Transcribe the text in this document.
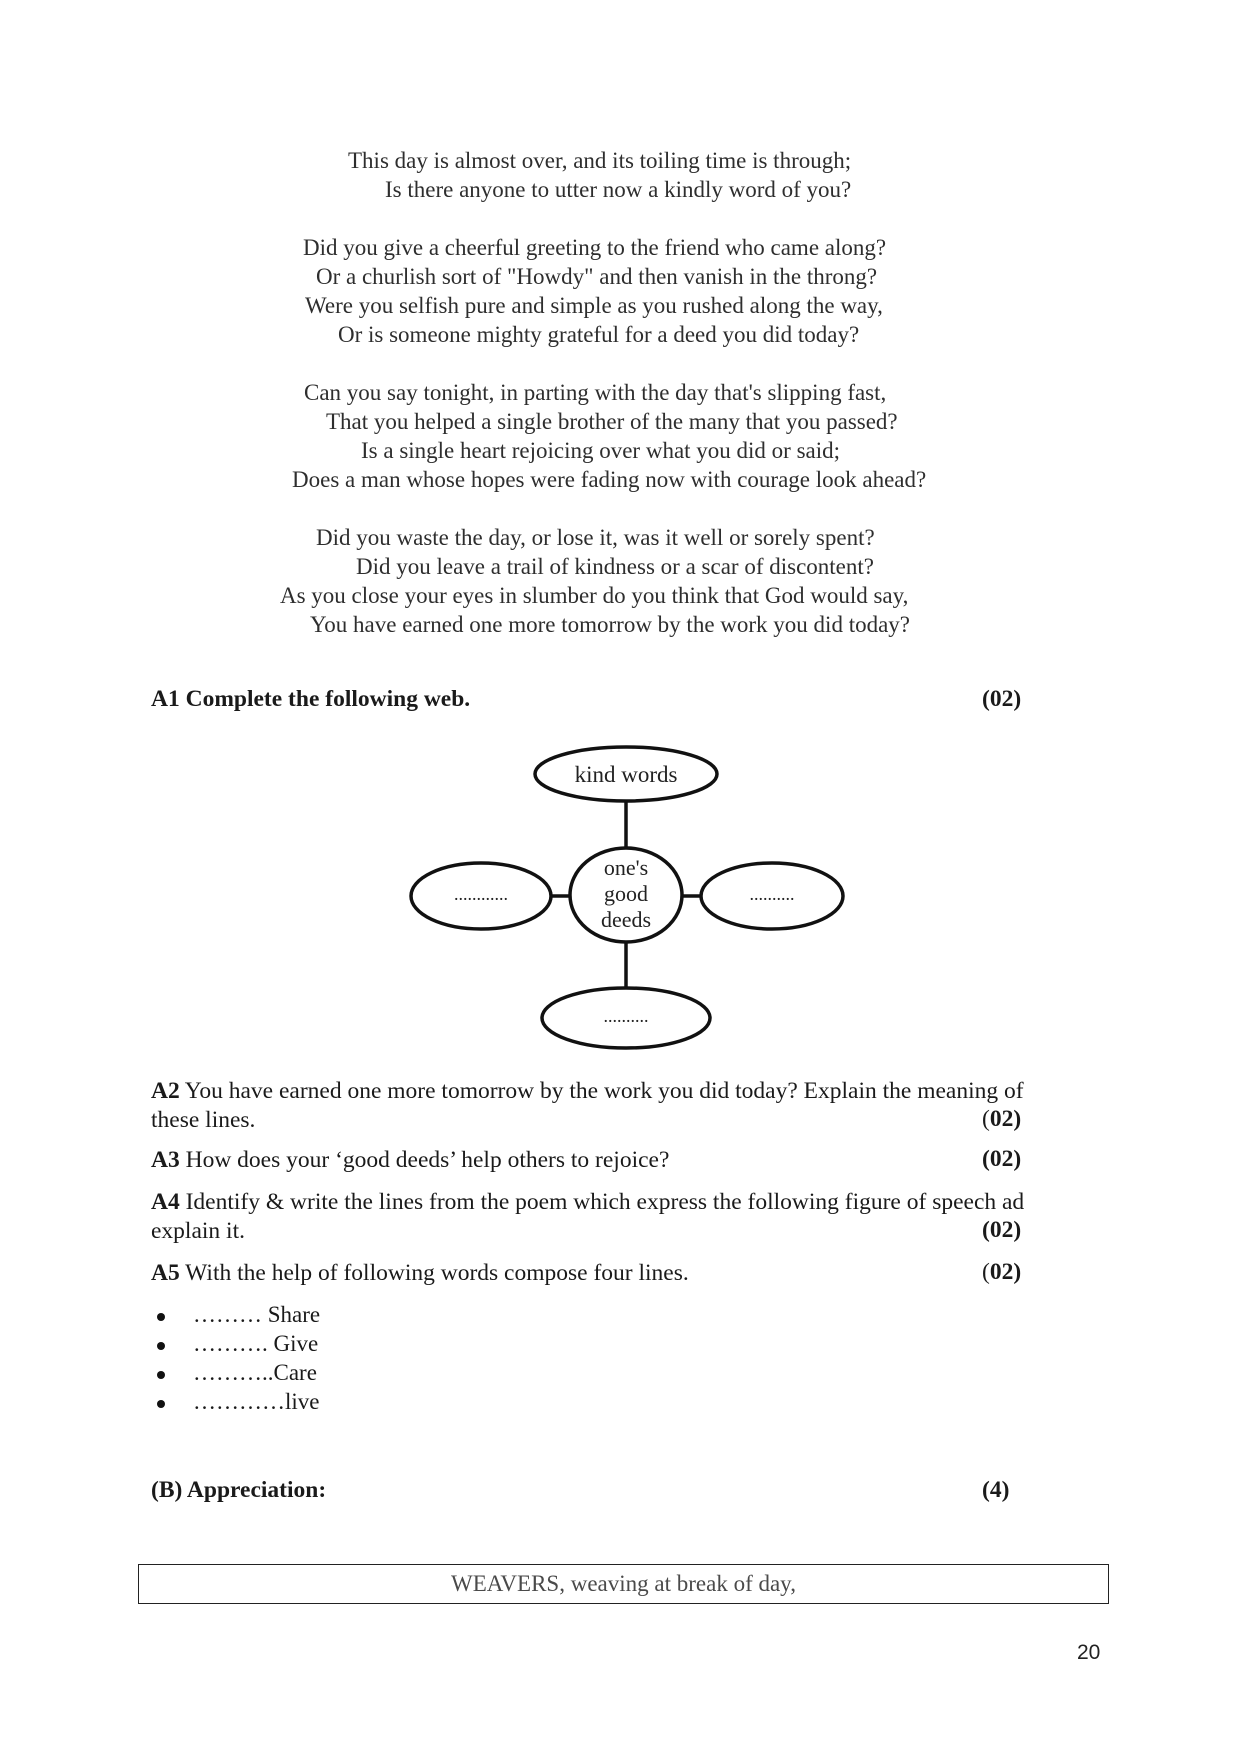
This day is almost over, and its toiling time is through;
Is there anyone to utter now a kindly word of you?
Did you give a cheerful greeting to the friend who came along?
Or a churlish sort of "Howdy" and then vanish in the throng?
Were you selfish pure and simple as you rushed along the way,
Or is someone mighty grateful for a deed you did today?
Can you say tonight, in parting with the day that's slipping fast,
That you helped a single brother of the many that you passed?
Is a single heart rejoicing over what you did or said;
Does a man whose hopes were fading now with courage look ahead?
Did you waste the day, or lose it, was it well or sorely spent?
Did you leave a trail of kindness or a scar of discontent?
As you close your eyes in slumber do you think that God would say,
You have earned one more tomorrow by the work you did today?
A1 Complete the following web.	(02)
kind words
one's
good
deeds
............	..........
..........
A2 You have earned one more tomorrow by the work you did today? Explain the meaning of
these lines.	(02)
A3 How does your ‘good deeds’ help others to rejoice?	(02)
A4 Identify & write the lines from the poem which express the following figure of speech ad
explain it.	(02)
A5 With the help of following words compose four lines.	(02)
……… Share
………. Give
………..Care
…………live
(B) Appreciation:	(4)
WEAVERS, weaving at break of day,
20
